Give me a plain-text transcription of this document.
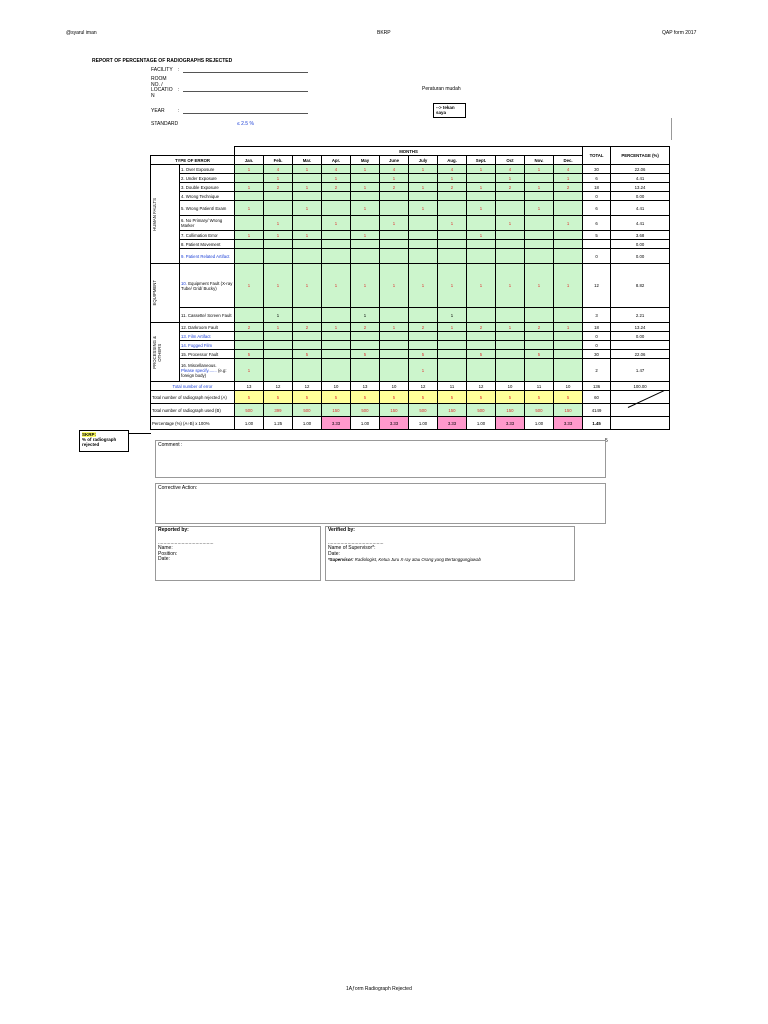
@syarul iman	BKRP	QAP form 2017
REPORT OF PERCENTAGE OF RADIOGRAPHS REJECTED
FACILITY :
ROOM
NO. /
LOCATIO
N
:
YEAR	:
STANDARD	≤ 2.5 %
Peraturan mudah
--> tekan
saya
		MONTHS												TOTAL	PERCENTAGE (%)
TYPE OF ERROR		Jan.	Feb.	Mar.	Apr.	May	June	July	Aug.	Sept.	Oct	Nov.	Dec.		

HUMAN FAULTS	1. Over Exposure	1	4	1	4	1	4	1	4	1	4	1	4	30	22.06
	2. Under Exposure		1		1		1		1		1		1	6	4.41
	3. Double Exposure	1	2	1	2	1	2	1	2	1	2	1	2	18	13.24
	4. Wrong Technique													0	0.00
	5. Wrong Patient/ Exam	1		1		1		1		1		1		6	4.41
	6. No Primary/ Wrong Marker		1		1		1		1		1		1	6	4.41
	7. Collimation Error	1	1	1		1				1				5	3.68
	8. Patient Movement														0.00
	9. Patient Related Artifact													0	0.00

EQUIPMENT	10. Equipment Fault (X-ray Tube/ Grid/ Bucky)	1	1	1	1	1	1	1	1	1	1	1	1	12	8.82
	11. Cassette/ Screen Fault		1			1			1					3	2.21

PROCESSING & OTHERS	12. Darkroom Fault	2	1	2	1	2	1	2	1	2	1	2	1	18	13.24
	13. Film Artifact													0	0.00
	14. Fogged Film													0	
	15. Processor Fault	5		5		5		5		5		5		30	22.06

	16. Miscellaneous.
Please specify....... (e.g: foreign body)	1						1						2	1.47
Total number of error		13	12	12	10	13	10	12	11	12	10	11	10	136	100.00
Total number of radiograph rejected (A)		5	5	5	5	5	5	5	5	5	5	5	5	60	
Total number of radiograph used (B)		500	399	500	150	500	150	500	150	500	150	500	150	4149	
Percentage (%) (A÷B) x 100%		1.00	1.25	1.00	3.33	1.00	3.33	1.00	3.33	1.00	3.33	1.00	3.33	1.45	
SKRP:
% of radiograph
rejected
5
Comment :
Corrective Action:
Reported by:
........................................
Name:
Position:
Date:
Verified by:
........................................
Name of Supervisor*:
Date:
*Supervisor: Radiologist, Ketua Juru X-ray atau Orang yang Bertanggungjawab
1Aƒorm Radiograph Rejected
